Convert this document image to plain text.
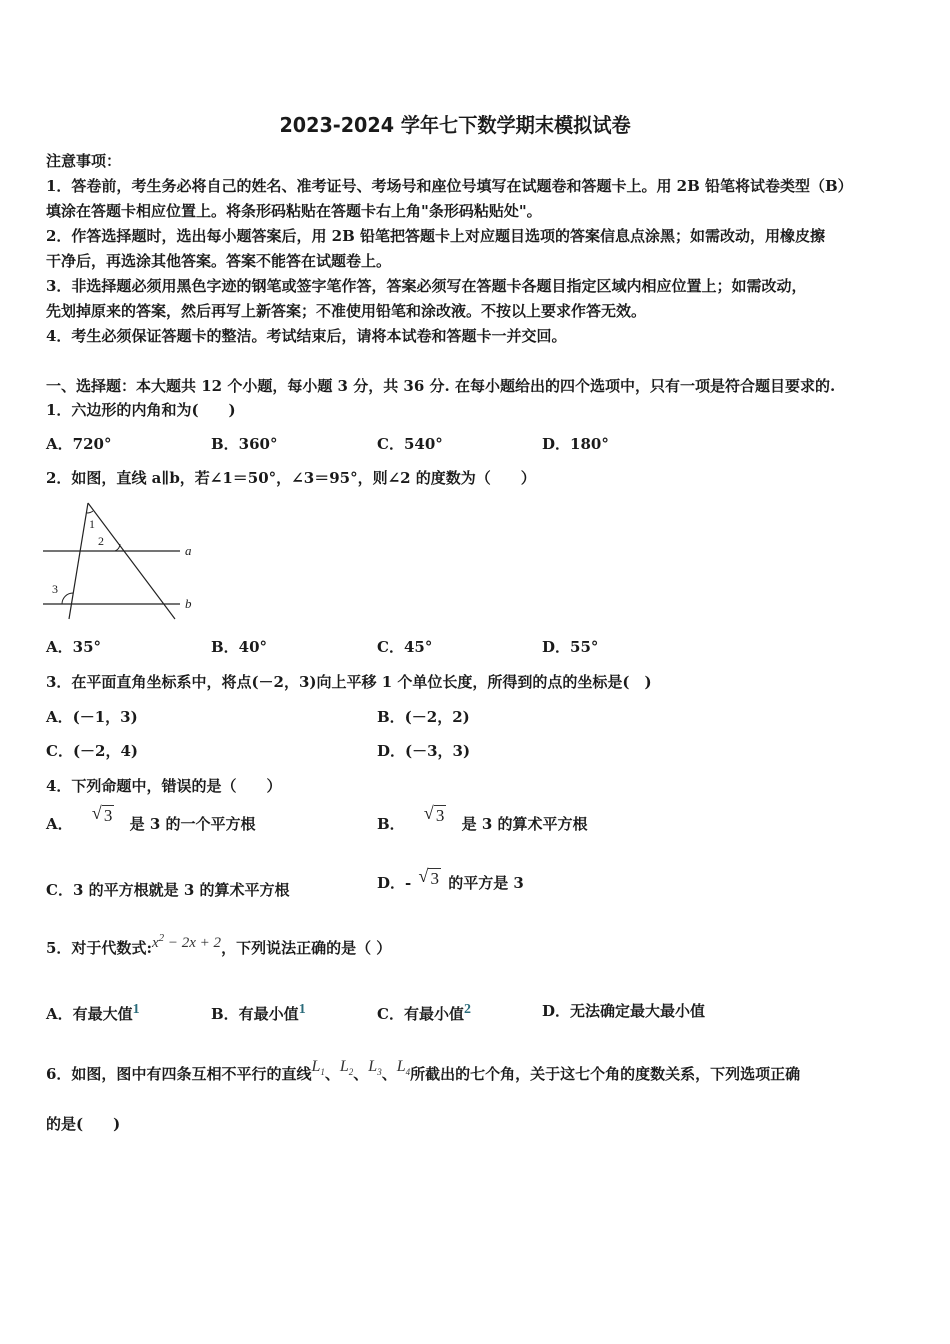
2023-2024 学年七下数学期末模拟试卷
注意事项：
1．答卷前，考生务必将自己的姓名、准考证号、考场号和座位号填写在试题卷和答题卡上。用 2B 铅笔将试卷类型（B）
填涂在答题卡相应位置上。将条形码粘贴在答题卡右上角"条形码粘贴处"。
2．作答选择题时，选出每小题答案后，用 2B 铅笔把答题卡上对应题目选项的答案信息点涂黑；如需改动，用橡皮擦
干净后，再选涂其他答案。答案不能答在试题卷上。
3．非选择题必须用黑色字迹的钢笔或签字笔作答，答案必须写在答题卡各题目指定区域内相应位置上；如需改动，
先划掉原来的答案，然后再写上新答案；不准使用铅笔和涂改液。不按以上要求作答无效。
4．考生必须保证答题卡的整洁。考试结束后，请将本试卷和答题卡一并交回。
一、选择题：本大题共 12 个小题，每小题 3 分，共 36 分. 在每小题给出的四个选项中，只有一项是符合题目要求的.
1．六边形的内角和为(　　)
A．720°	B．360°	C．540°	D．180°
2．如图，直线 a∥b，若∠1＝50°，∠3＝95°，则∠2 的度数为（　　）
1
2
3
a
b
A．35°	B．40°	C．45°	D．55°
3．在平面直角坐标系中，将点(－2，3)向上平移 1 个单位长度，所得到的点的坐标是(　)
A．(－1，3)	B．(－2，2)
C．(－2，4)	D．(－3，3)
4．下列命题中，错误的是（　　）
A．
√ 3 是 3 的一个平方根	B．
√ 3 是 3 的算术平方根
C．3 的平方根就是 3 的算术平方根	D．- √ 3 的平方是 3
5．对于代数式$:x^2 - 2x + 2$，下列说法正确的是（ ）
A．有最大值1	B．有最小值1	C．有最小值2	D．无法确定最大最小值
6．如图，图中有四条互相不平行的直线$L_1$、$L_2$、$L_3$、$L_4$所截出的七个角，关于这七个角的度数关系，下列选项正确
的是(　　)
